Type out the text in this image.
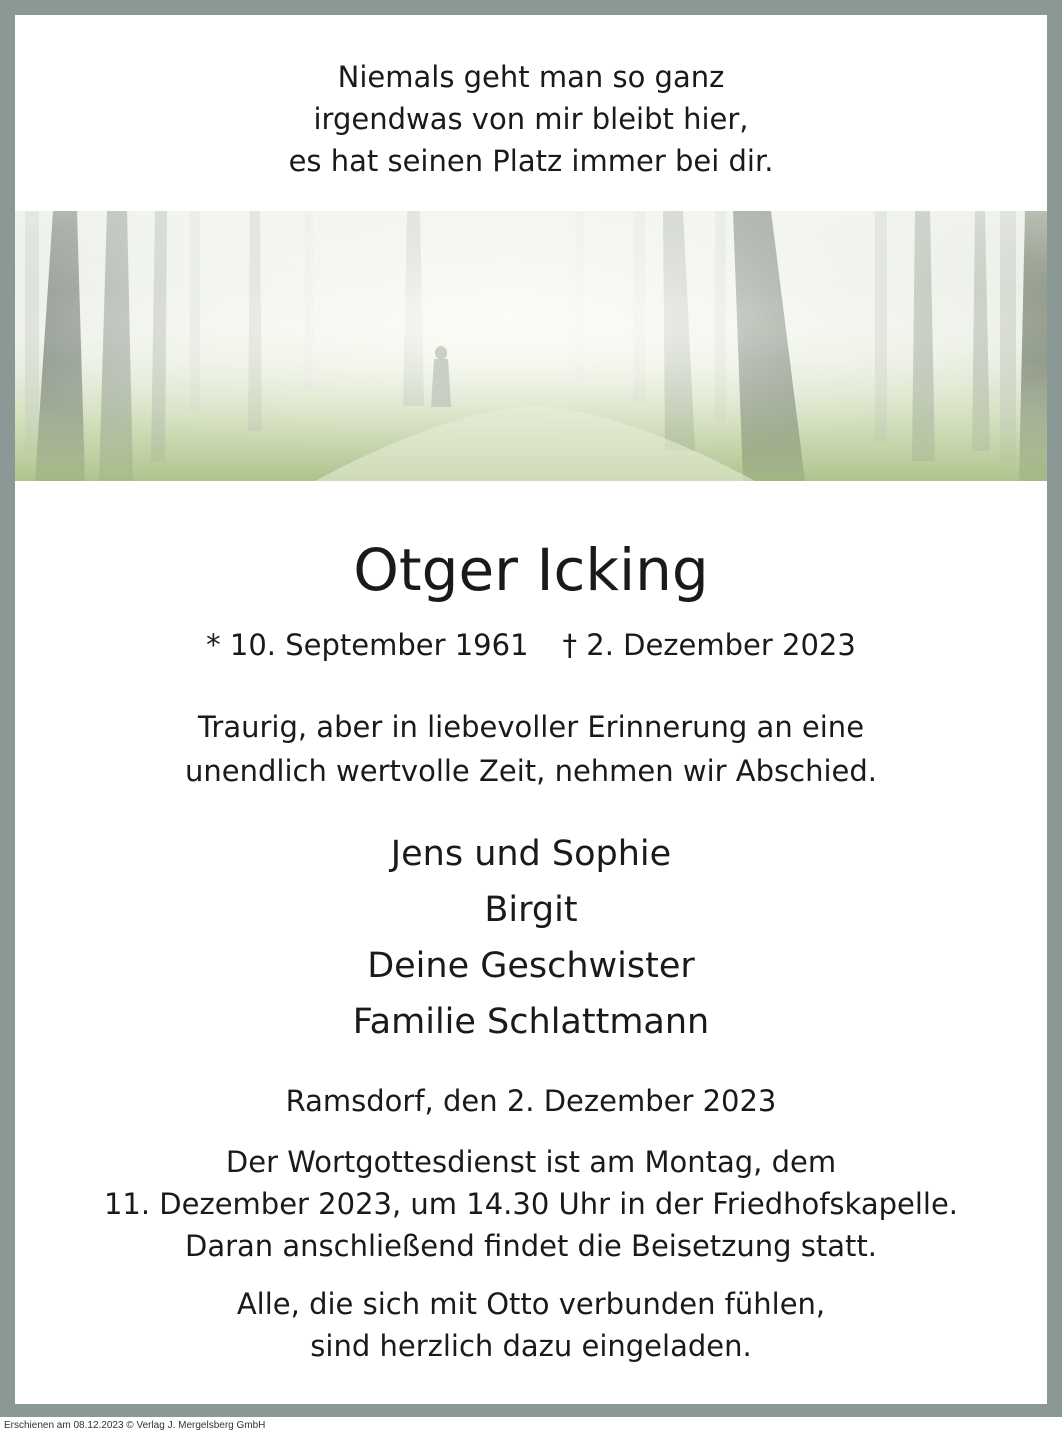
Niemals geht man so ganz
irgendwas von mir bleibt hier,
es hat seinen Platz immer bei dir.
Otger Icking
* 10. September 1961 † 2. Dezember 2023
Traurig, aber in liebevoller Erinnerung an eine
unendlich wertvolle Zeit, nehmen wir Abschied.
Jens und Sophie
Birgit
Deine Geschwister
Familie Schlattmann
Ramsdorf, den 2. Dezember 2023
Der Wortgottesdienst ist am Montag, dem
11. Dezember 2023, um 14.30 Uhr in der Friedhofskapelle.
Daran anschließend findet die Beisetzung statt.
Alle, die sich mit Otto verbunden fühlen,
sind herzlich dazu eingeladen.
Erschienen am 08.12.2023 © Verlag J. Mergelsberg GmbH
